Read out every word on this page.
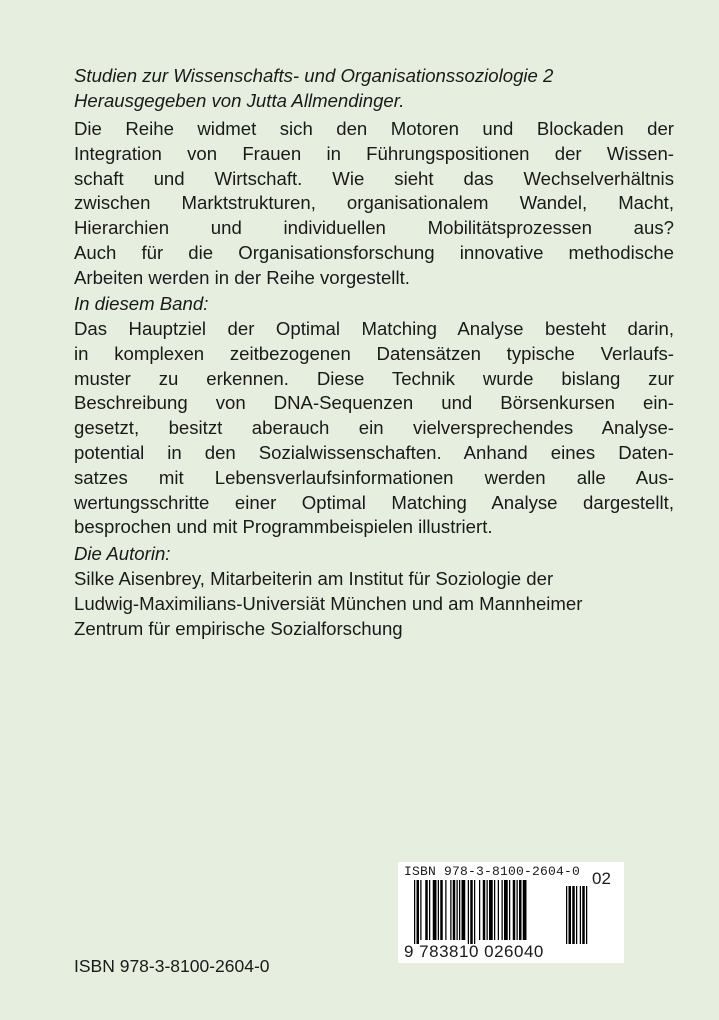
Studien zur Wissenschafts- und Organisationssoziologie 2

Herausgegeben von Jutta Allmendinger.

Die Reihe widmet sich den Motoren und Blockaden der

Integration von Frauen in Führungspositionen der Wissen-

schaft und Wirtschaft. Wie sieht das Wechselverhältnis

zwischen Marktstrukturen, organisationalem Wandel, Macht,

Hierarchien und individuellen Mobilitätsprozessen aus?

Auch für die Organisationsforschung innovative methodische

Arbeiten werden in der Reihe vorgestellt.

In diesem Band:

Das Hauptziel der Optimal Matching Analyse besteht darin,

in komplexen zeitbezogenen Datensätzen typische Verlaufs-

muster zu erkennen. Diese Technik wurde bislang zur

Beschreibung von DNA-Sequenzen und Börsenkursen ein-

gesetzt, besitzt aberauch ein vielversprechendes Analyse-

potential in den Sozialwissenschaften. Anhand eines Daten-

satzes mit Lebensverlaufsinformationen werden alle Aus-

wertungsschritte einer Optimal Matching Analyse dargestellt,

besprochen und mit Programmbeispielen illustriert.

Die Autorin:

Silke Aisenbrey, Mitarbeiterin am Institut für Soziologie der

Ludwig-Maximilians-Universiät München und am Mannheimer

Zentrum für empirische Sozialforschung

ISBN 978-3-8100-2604-0 02
9 783810 026040
ISBN 978-3-8100-2604-0
